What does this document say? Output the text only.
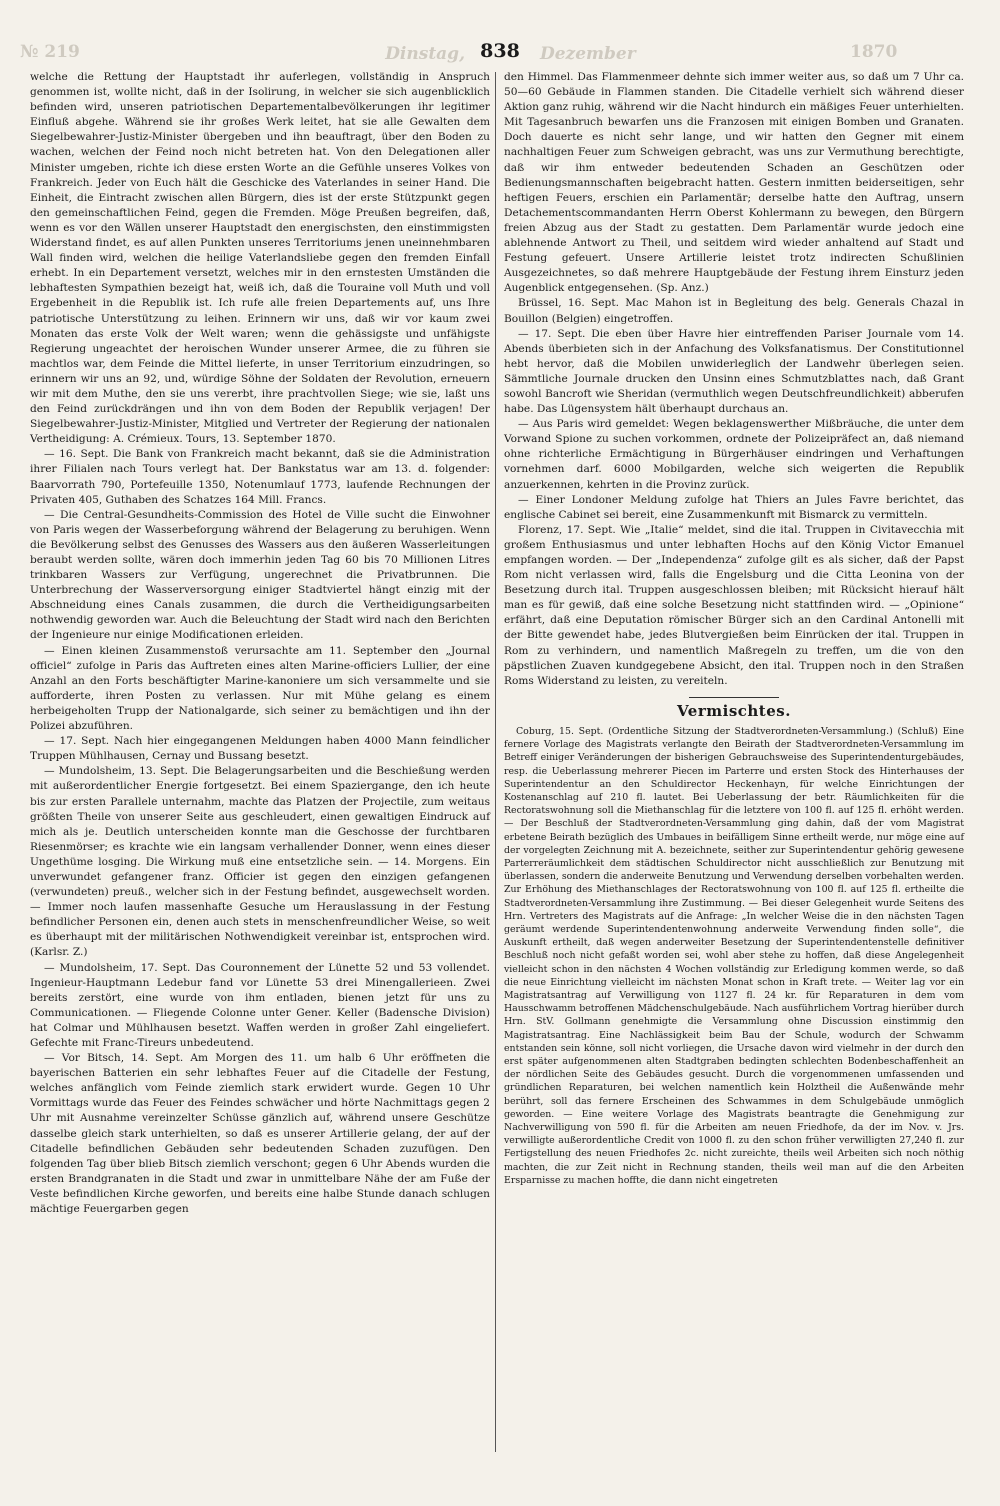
№ 219	Dinstag, 838 Dezember	1870

welche die Rettung der Hauptstadt ihr auferlegen, vollständig in Anspruch genommen ist, wollte nicht, daß in der Isolirung, in welcher sie sich augenblicklich befinden wird, unseren patriotischen Departementalbevölkerungen ihr legitimer Einfluß abgehe. Während sie ihr großes Werk leitet, hat sie alle Gewalten dem Siegelbewahrer-Justiz-Minister übergeben und ihn beauftragt, über den Boden zu wachen, welchen der Feind noch nicht betreten hat. Von den Delegationen aller Minister umgeben, richte ich diese ersten Worte an die Gefühle unseres Volkes von Frankreich. Jeder von Euch hält die Geschicke des Vaterlandes in seiner Hand. Die Einheit, die Eintracht zwischen allen Bürgern, dies ist der erste Stützpunkt gegen den gemeinschaftlichen Feind, gegen die Fremden. Möge Preußen begreifen, daß, wenn es vor den Wällen unserer Hauptstadt den energischsten, den einstimmigsten Widerstand findet, es auf allen Punkten unseres Territoriums jenen uneinnehmbaren Wall finden wird, welchen die heilige Vaterlandsliebe gegen den fremden Einfall erhebt. In ein Departement versetzt, welches mir in den ernstesten Umständen die lebhaftesten Sympathien bezeigt hat, weiß ich, daß die Touraine voll Muth und voll Ergebenheit in die Republik ist. Ich rufe alle freien Departements auf, uns Ihre patriotische Unterstützung zu leihen. Erinnern wir uns, daß wir vor kaum zwei Monaten das erste Volk der Welt waren; wenn die gehässigste und unfähigste Regierung ungeachtet der heroischen Wunder unserer Armee, die zu führen sie machtlos war, dem Feinde die Mittel lieferte, in unser Territorium einzudringen, so erinnern wir uns an 92, und, würdige Söhne der Soldaten der Revolution, erneuern wir mit dem Muthe, den sie uns vererbt, ihre prachtvollen Siege; wie sie, laßt uns den Feind zurückdrängen und ihn von dem Boden der Republik verjagen! Der Siegelbewahrer-Justiz-Minister, Mitglied und Vertreter der Regierung der nationalen Vertheidigung: A. Crémieux. Tours, 13. September 1870.

— 16. Sept. Die Bank von Frankreich macht bekannt, daß sie die Administration ihrer Filialen nach Tours verlegt hat. Der Bankstatus war am 13. d. folgender: Baarvorrath 790, Portefeuille 1350, Notenumlauf 1773, laufende Rechnungen der Privaten 405, Guthaben des Schatzes 164 Mill. Francs.

— Die Central-Gesundheits-Commission des Hotel de Ville sucht die Einwohner von Paris wegen der Wasserbeforgung während der Belagerung zu beruhigen. Wenn die Bevölkerung selbst des Genusses des Wassers aus den äußeren Wasserleitungen beraubt werden sollte, wären doch immerhin jeden Tag 60 bis 70 Millionen Litres trinkbaren Wassers zur Verfügung, ungerechnet die Privatbrunnen. Die Unterbrechung der Wasserversorgung einiger Stadtviertel hängt einzig mit der Abschneidung eines Canals zusammen, die durch die Vertheidigungsarbeiten nothwendig geworden war. Auch die Beleuchtung der Stadt wird nach den Berichten der Ingenieure nur einige Modificationen erleiden.

— Einen kleinen Zusammenstoß verursachte am 11. September den „Journal officiel“ zufolge in Paris das Auftreten eines alten Marine-officiers Lullier, der eine Anzahl an den Forts beschäftigter Marine-kanoniere um sich versammelte und sie aufforderte, ihren Posten zu verlassen. Nur mit Mühe gelang es einem herbeigeholten Trupp der Nationalgarde, sich seiner zu bemächtigen und ihn der Polizei abzuführen.

— 17. Sept. Nach hier eingegangenen Meldungen haben 4000 Mann feindlicher Truppen Mühlhausen, Cernay und Bussang besetzt.

— Mundolsheim, 13. Sept. Die Belagerungsarbeiten und die Beschießung werden mit außerordentlicher Energie fortgesetzt. Bei einem Spaziergange, den ich heute bis zur ersten Parallele unternahm, machte das Platzen der Projectile, zum weitaus größten Theile von unserer Seite aus geschleudert, einen gewaltigen Eindruck auf mich als je. Deutlich unterscheiden konnte man die Geschosse der furchtbaren Riesenmörser; es krachte wie ein langsam verhallender Donner, wenn eines dieser Ungethüme losging. Die Wirkung muß eine entsetzliche sein. — 14. Morgens. Ein unverwundet gefangener franz. Officier ist gegen den einzigen gefangenen (verwundeten) preuß., welcher sich in der Festung befindet, ausgewechselt worden. — Immer noch laufen massenhafte Gesuche um Herauslassung in der Festung befindlicher Personen ein, denen auch stets in menschenfreundlicher Weise, so weit es überhaupt mit der militärischen Nothwendigkeit vereinbar ist, entsprochen wird. (Karlsr. Z.)

— Mundolsheim, 17. Sept. Das Couronnement der Lünette 52 und 53 vollendet. Ingenieur-Hauptmann Ledebur fand vor Lünette 53 drei Minengallerieen. Zwei bereits zerstört, eine wurde von ihm entladen, bienen jetzt für uns zu Communicationen. — Fliegende Colonne unter Gener. Keller (Badensche Division) hat Colmar und Mühlhausen besetzt. Waffen werden in großer Zahl eingeliefert. Gefechte mit Franc-Tireurs unbedeutend.

— Vor Bitsch, 14. Sept. Am Morgen des 11. um halb 6 Uhr eröffneten die bayerischen Batterien ein sehr lebhaftes Feuer auf die Citadelle der Festung, welches anfänglich vom Feinde ziemlich stark erwidert wurde. Gegen 10 Uhr Vormittags wurde das Feuer des Feindes schwächer und hörte Nachmittags gegen 2 Uhr mit Ausnahme vereinzelter Schüsse gänzlich auf, während unsere Geschütze dasselbe gleich stark unterhielten, so daß es unserer Artillerie gelang, der auf der Citadelle befindlichen Gebäuden sehr bedeutenden Schaden zuzufügen. Den folgenden Tag über blieb Bitsch ziemlich verschont; gegen 6 Uhr Abends wurden die ersten Brandgranaten in die Stadt und zwar in unmittelbare Nähe der am Fuße der Veste befindlichen Kirche geworfen, und bereits eine halbe Stunde danach schlugen mächtige Feuergarben gegen

den Himmel. Das Flammenmeer dehnte sich immer weiter aus, so daß um 7 Uhr ca. 50—60 Gebäude in Flammen standen. Die Citadelle verhielt sich während dieser Aktion ganz ruhig, während wir die Nacht hindurch ein mäßiges Feuer unterhielten. Mit Tagesanbruch bewarfen uns die Franzosen mit einigen Bomben und Granaten. Doch dauerte es nicht sehr lange, und wir hatten den Gegner mit einem nachhaltigen Feuer zum Schweigen gebracht, was uns zur Vermuthung berechtigte, daß wir ihm entweder bedeutenden Schaden an Geschützen oder Bedienungsmannschaften beigebracht hatten. Gestern inmitten beiderseitigen, sehr heftigen Feuers, erschien ein Parlamentär; derselbe hatte den Auftrag, unsern Detachementscommandanten Herrn Oberst Kohlermann zu bewegen, den Bürgern freien Abzug aus der Stadt zu gestatten. Dem Parlamentär wurde jedoch eine ablehnende Antwort zu Theil, und seitdem wird wieder anhaltend auf Stadt und Festung gefeuert. Unsere Artillerie leistet trotz indirecten Schußlinien Ausgezeichnetes, so daß mehrere Hauptgebäude der Festung ihrem Einsturz jeden Augenblick entgegensehen. (Sp. Anz.)

Brüssel, 16. Sept. Mac Mahon ist in Begleitung des belg. Generals Chazal in Bouillon (Belgien) eingetroffen.

— 17. Sept. Die eben über Havre hier eintreffenden Pariser Journale vom 14. Abends überbieten sich in der Anfachung des Volksfanatismus. Der Constitutionnel hebt hervor, daß die Mobilen unwiderleglich der Landwehr überlegen seien. Sämmtliche Journale drucken den Unsinn eines Schmutzblattes nach, daß Grant sowohl Bancroft wie Sheridan (vermuthlich wegen Deutschfreundlichkeit) abberufen habe. Das Lügensystem hält überhaupt durchaus an.

— Aus Paris wird gemeldet: Wegen beklagenswerther Mißbräuche, die unter dem Vorwand Spione zu suchen vorkommen, ordnete der Polizeipräfect an, daß niemand ohne richterliche Ermächtigung in Bürgerhäuser eindringen und Verhaftungen vornehmen darf. 6000 Mobilgarden, welche sich weigerten die Republik anzuerkennen, kehrten in die Provinz zurück.

— Einer Londoner Meldung zufolge hat Thiers an Jules Favre berichtet, das englische Cabinet sei bereit, eine Zusammenkunft mit Bismarck zu vermitteln.

Florenz, 17. Sept. Wie „Italie“ meldet, sind die ital. Truppen in Civitavecchia mit großem Enthusiasmus und unter lebhaften Hochs auf den König Victor Emanuel empfangen worden. — Der „Independenza“ zufolge gilt es als sicher, daß der Papst Rom nicht verlassen wird, falls die Engelsburg und die Citta Leonina von der Besetzung durch ital. Truppen ausgeschlossen bleiben; mit Rücksicht hierauf hält man es für gewiß, daß eine solche Besetzung nicht stattfinden wird. — „Opinione“ erfährt, daß eine Deputation römischer Bürger sich an den Cardinal Antonelli mit der Bitte gewendet habe, jedes Blutvergießen beim Einrücken der ital. Truppen in Rom zu verhindern, und namentlich Maßregeln zu treffen, um die von den päpstlichen Zuaven kundgegebene Absicht, den ital. Truppen noch in den Straßen Roms Widerstand zu leisten, zu vereiteln.

Vermischtes.

Coburg, 15. Sept. (Ordentliche Sitzung der Stadtverordneten-Versammlung.) (Schluß) Eine fernere Vorlage des Magistrats verlangte den Beirath der Stadtverordneten-Versammlung im Betreff einiger Veränderungen der bisherigen Gebrauchsweise des Superintendenturgebäudes, resp. die Ueberlassung mehrerer Piecen im Parterre und ersten Stock des Hinterhauses der Superintendentur an den Schuldirector Heckenhayn, für welche Einrichtungen der Kostenanschlag auf 210 fl. lautet. Bei Ueberlassung der betr. Räumlichkeiten für die Rectoratswohnung soll die Miethanschlag für die letztere von 100 fl. auf 125 fl. erhöht werden. — Der Beschluß der Stadtverordneten-Versammlung ging dahin, daß der vom Magistrat erbetene Beirath bezüglich des Umbaues in beifälligem Sinne ertheilt werde, nur möge eine auf der vorgelegten Zeichnung mit A. bezeichnete, seither zur Superintendentur gehörig gewesene Parterreräumlichkeit dem städtischen Schuldirector nicht ausschließlich zur Benutzung mit überlassen, sondern die anderweite Benutzung und Verwendung derselben vorbehalten werden. Zur Erhöhung des Miethanschlages der Rectoratswohnung von 100 fl. auf 125 fl. ertheilte die Stadtverordneten-Versammlung ihre Zustimmung. — Bei dieser Gelegenheit wurde Seitens des Hrn. Vertreters des Magistrats auf die Anfrage: „In welcher Weise die in den nächsten Tagen geräumt werdende Superintendentenwohnung anderweite Verwendung finden solle“, die Auskunft ertheilt, daß wegen anderweiter Besetzung der Superintendentenstelle definitiver Beschluß noch nicht gefaßt worden sei, wohl aber stehe zu hoffen, daß diese Angelegenheit vielleicht schon in den nächsten 4 Wochen vollständig zur Erledigung kommen werde, so daß die neue Einrichtung vielleicht im nächsten Monat schon in Kraft trete. — Weiter lag vor ein Magistratsantrag auf Verwilligung von 1127 fl. 24 kr. für Reparaturen in dem vom Hausschwamm betroffenen Mädchenschulgebäude. Nach ausführlichem Vortrag hierüber durch Hrn. StV. Gollmann genehmigte die Versammlung ohne Discussion einstimmig den Magistratsantrag. Eine Nachlässigkeit beim Bau der Schule, wodurch der Schwamm entstanden sein könne, soll nicht vorliegen, die Ursache davon wird vielmehr in der durch den erst später aufgenommenen alten Stadtgraben bedingten schlechten Bodenbeschaffenheit an der nördlichen Seite des Gebäudes gesucht. Durch die vorgenommenen umfassenden und gründlichen Reparaturen, bei welchen namentlich kein Holztheil die Außenwände mehr berührt, soll das fernere Erscheinen des Schwammes in dem Schulgebäude unmöglich geworden. — Eine weitere Vorlage des Magistrats beantragte die Genehmigung zur Nachverwilligung von 590 fl. für die Arbeiten am neuen Friedhofe, da der im Nov. v. Jrs. verwilligte außerordentliche Credit von 1000 fl. zu den schon früher verwilligten 27,240 fl. zur Fertigstellung des neuen Friedhofes 2c. nicht zureichte, theils weil Arbeiten sich noch nöthig machten, die zur Zeit nicht in Rechnung standen, theils weil man auf die den Arbeiten Ersparnisse zu machen hoffte, die dann nicht eingetreten
